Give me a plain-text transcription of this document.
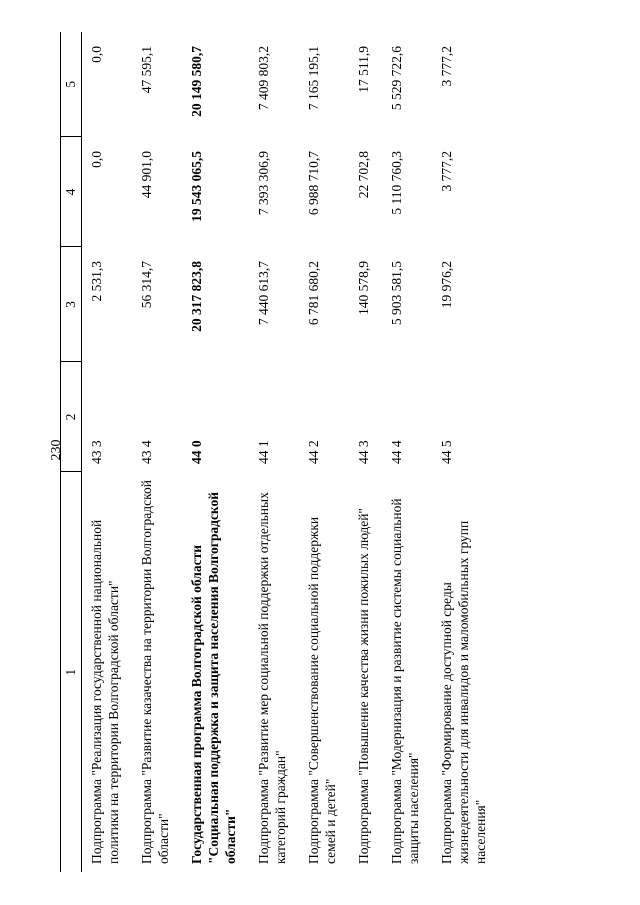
230
1	2	3	4	5
Подпрограмма "Реализация государственной национальной политики на территории Волгоградской области"	43 3	2 531,3	0,0	0,0
Подпрограмма "Развитие казачества на территории Волгоградской области"	43 4	56 314,7	44 901,0	47 595,1
Государственная программа Волгоградской области "Социальная поддержка и защита населения Волгоградской области"	44 0	20 317 823,8	19 543 065,5	20 149 580,7
Подпрограмма "Развитие мер социальной поддержки отдельных категорий граждан"	44 1	7 440 613,7	7 393 306,9	7 409 803,2
Подпрограмма "Совершенствование социальной поддержки семей и детей"	44 2	6 781 680,2	6 988 710,7	7 165 195,1
Подпрограмма "Повышение качества жизни пожилых людей"	44 3	140 578,9	22 702,8	17 511,9
Подпрограмма "Модернизация и развитие системы социальной защиты населения"	44 4	5 903 581,5	5 110 760,3	5 529 722,6
Подпрограмма "Формирование доступной среды жизнедеятельности для инвалидов и маломобильных групп населения"	44 5	19 976,2	3 777,2	3 777,2
